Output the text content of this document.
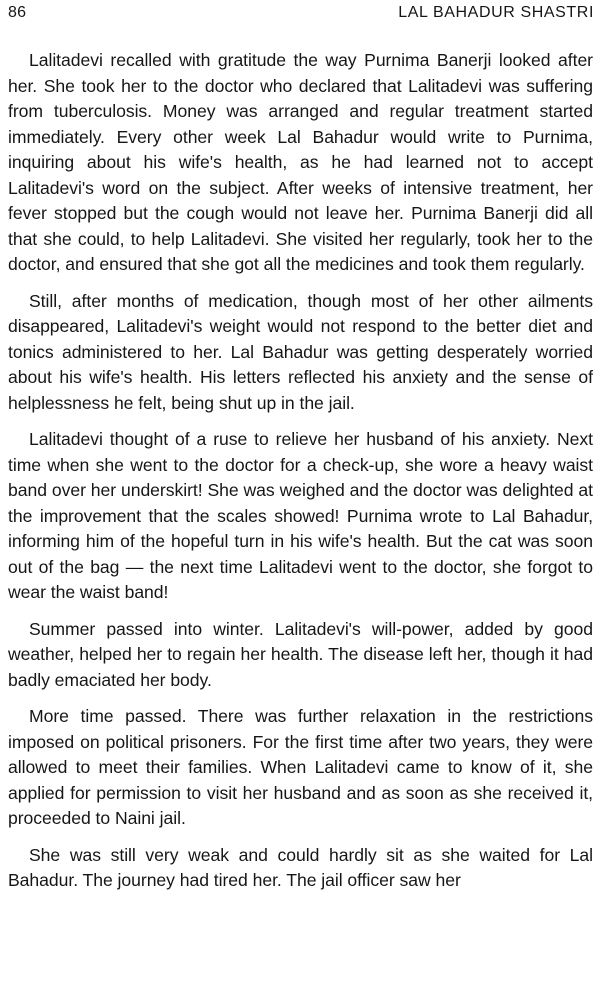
86	LAL BAHADUR SHASTRI

Lalitadevi recalled with gratitude the way Purnima Banerji looked after her. She took her to the doctor who declared that Lalitadevi was suffering from tuberculosis. Money was arranged and regular treatment started immediately. Every other week Lal Bahadur would write to Purnima, inquiring about his wife's health, as he had learned not to accept Lalitadevi's word on the subject. After weeks of intensive treatment, her fever stopped but the cough would not leave her. Purnima Banerji did all that she could, to help Lalitadevi. She visited her regularly, took her to the doctor, and ensured that she got all the medicines and took them regularly.

Still, after months of medication, though most of her other ailments disappeared, Lalitadevi's weight would not respond to the better diet and tonics administered to her. Lal Bahadur was getting desperately worried about his wife's health. His letters reflected his anxiety and the sense of helplessness he felt, being shut up in the jail.

Lalitadevi thought of a ruse to relieve her husband of his anxiety. Next time when she went to the doctor for a check-up, she wore a heavy waist band over her underskirt! She was weighed and the doctor was delighted at the improvement that the scales showed! Purnima wrote to Lal Bahadur, informing him of the hopeful turn in his wife's health. But the cat was soon out of the bag — the next time Lalitadevi went to the doctor, she forgot to wear the waist band!

Summer passed into winter. Lalitadevi's will-power, added by good weather, helped her to regain her health. The disease left her, though it had badly emaciated her body.

More time passed. There was further relaxation in the restrictions imposed on political prisoners. For the first time after two years, they were allowed to meet their families. When Lalitadevi came to know of it, she applied for permission to visit her husband and as soon as she received it, proceeded to Naini jail.

She was still very weak and could hardly sit as she waited for Lal Bahadur. The journey had tired her. The jail officer saw her
